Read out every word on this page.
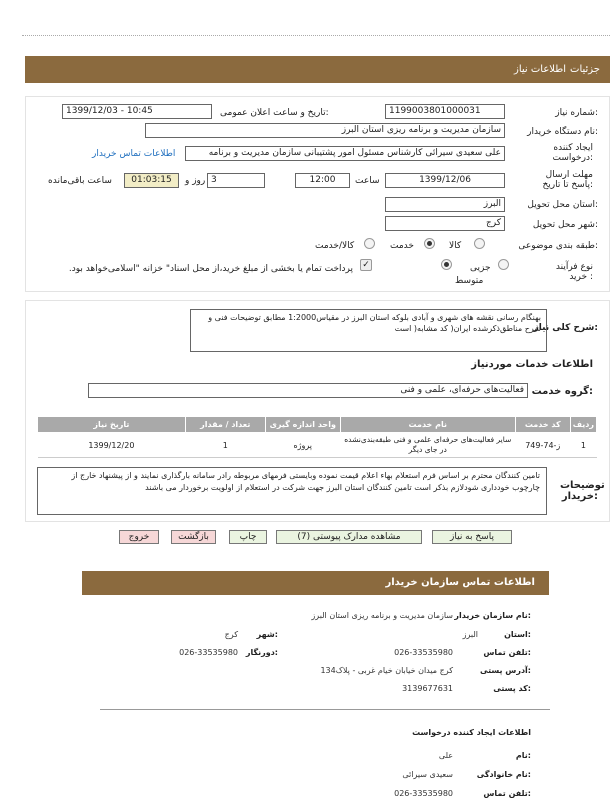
جزئیات
اطلاعات نیاز
شماره نیاز:
1199003801000031
تاریخ و ساعت اعلان عمومی:
1399/12/03 - 10:45
نام دستگاه خریدار:
سازمان مدیریت و برنامه ریزی استان البرز
ایجاد کننده درخواست:
علی سعیدی سیرائی کارشناس مسئول امور پشتیبانی سازمان مدیریت و برنامه
اطلاعات تماس خریدار
مهلت ارسال پاسخ تا تاریخ:
1399/12/06
ساعت
12:00
3
روز و
01:03:15
ساعت باقی‌مانده
استان محل تحویل:
البرز
شهر محل تحویل:
کرج
طبقه بندی موضوعی:
کالا
خدمت
کالا/خدمت
نوع فرآیند خرید :
جزیی
متوسط
✓
پرداخت تمام یا بخشی از مبلغ خرید،از محل اسناد" خزانه "اسلامی‌خواهد بود.
شرح کلی نیاز:
بهنگام رسانی نقشه های شهری و آبادی بلوکه استان البرز در مقیاس1:2000 مطابق توضیحات فنی و شرح مناطق‌ذکرشده ایران( کد مشابه( است
اطلاعات خدمات موردنیاز
گروه خدمت:
فعالیت‌های حرفه‌ای، علمی و فنی
ردیف	کد خدمت	نام خدمت	واحد اندازه گیری	تعداد / مقدار	تاریخ نیاز
1	ز-74-749	سایر فعالیت‌های حرفه‌ای علمی و فنی طبقه‌بندی‌نشده در جای دیگر	پروژه	1	1399/12/20
توضیحات خریدار:
تامین کنندگان محترم بر اساس فرم استعلام بهاء اعلام قیمت نموده وبایستی فرمهای مربوطه رادر سامانه بارگذاری نمایند و از پیشنهاد خارج از چارچوب خودداری شودلازم بذکر است تامین کنندگان استان البرز جهت شرکت در استعلام از اولویت برخوردار می باشند
پاسخ به نیاز
مشاهده مدارک پیوستی (7)
چاپ
بازگشت
خروج
اطلاعات تماس سازمان خریدار
نام سازمان خریدار:
سازمان مدیریت و برنامه ریزی استان البرز
استان:
البرز
شهر:
کرج
تلفن تماس:
026-33535980
دورنگار:
026-33535980
آدرس پستی:
کرج میدان خیابان خیام غربی - پلاک134
کد پستی:
3139677631
اطلاعات ایجاد کننده درخواست
نام:
علی
نام خانوادگی:
سعیدی سیرائی
تلفن تماس:
026-33535980
